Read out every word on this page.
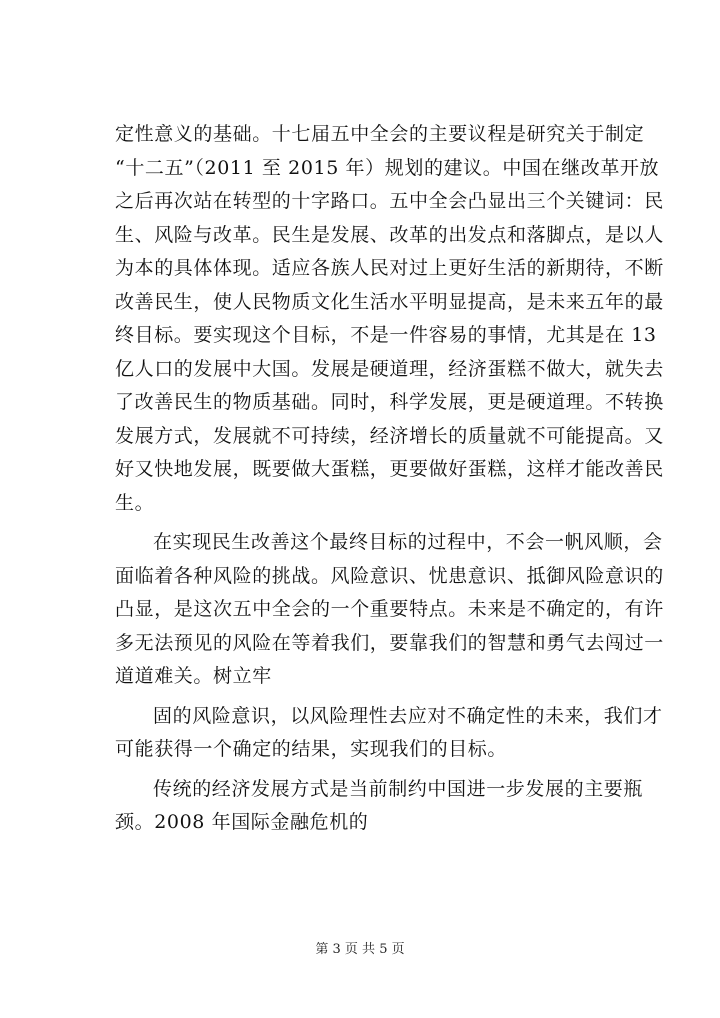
定性意义的基础。十七届五中全会的主要议程是研究关于制定
“十二五”（2011 至 2015 年）规划的建议。中国在继改革开放
之后再次站在转型的十字路口。五中全会凸显出三个关键词：民
生、风险与改革。民生是发展、改革的出发点和落脚点，是以人
为本的具体体现。适应各族人民对过上更好生活的新期待，不断
改善民生，使人民物质文化生活水平明显提高，是未来五年的最
终目标。要实现这个目标，不是一件容易的事情，尤其是在 13
亿人口的发展中大国。发展是硬道理，经济蛋糕不做大，就失去
了改善民生的物质基础。同时，科学发展，更是硬道理。不转换
发展方式，发展就不可持续，经济增长的质量就不可能提高。又
好又快地发展，既要做大蛋糕，更要做好蛋糕，这样才能改善民
生。
在实现民生改善这个最终目标的过程中，不会一帆风顺，会
面临着各种风险的挑战。风险意识、忧患意识、抵御风险意识的
凸显，是这次五中全会的一个重要特点。未来是不确定的，有许
多无法预见的风险在等着我们，要靠我们的智慧和勇气去闯过一
道道难关。树立牢
固的风险意识，以风险理性去应对不确定性的未来，我们才
可能获得一个确定的结果，实现我们的目标。
传统的经济发展方式是当前制约中国进一步发展的主要瓶
颈。2008 年国际金融危机的
第 3 页 共 5 页
